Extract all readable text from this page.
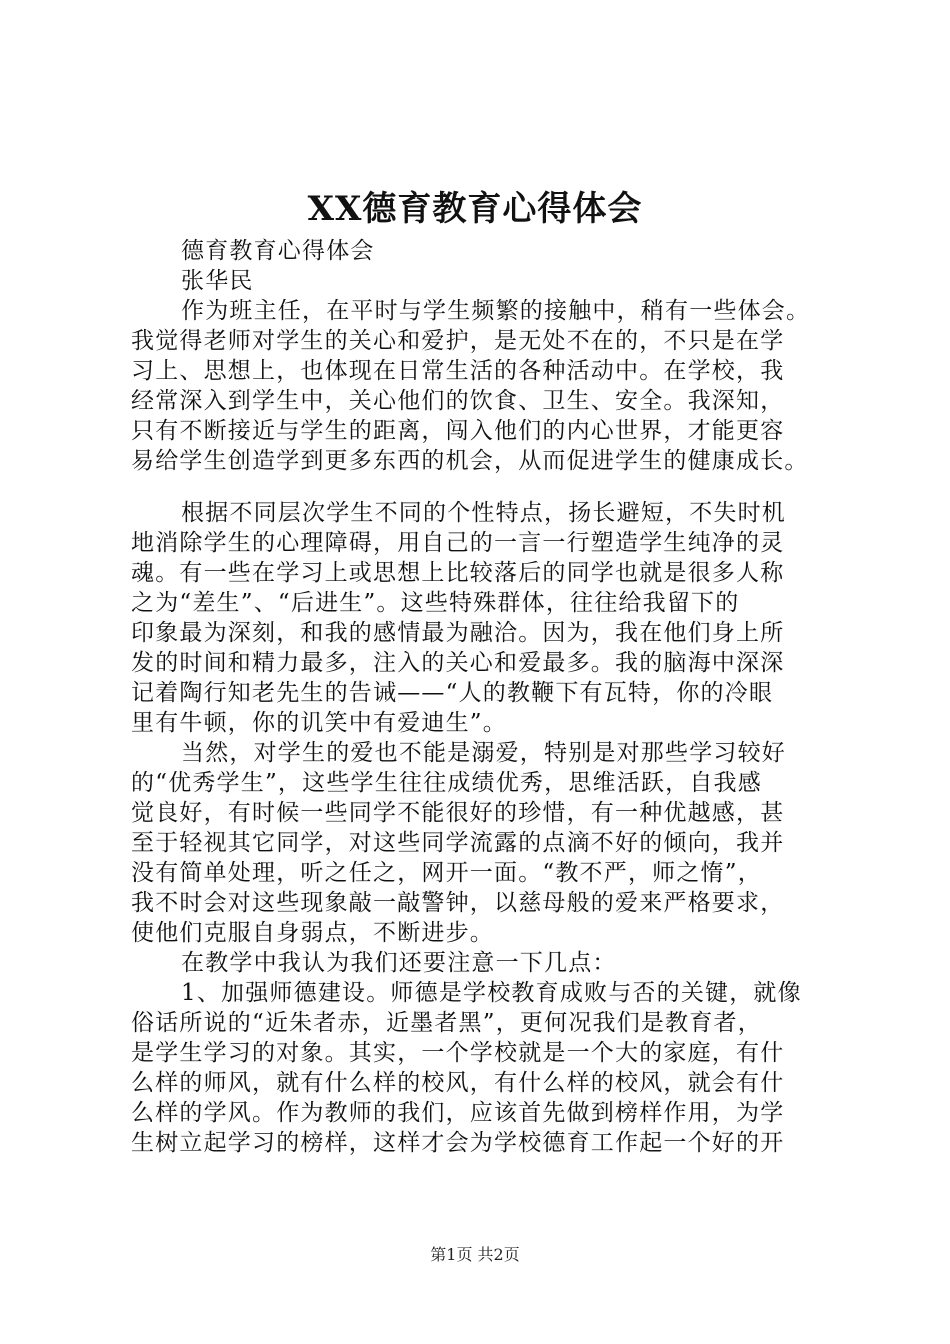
XX德育教育心得体会
德育教育心得体会
张华民
作为班主任，在平时与学生频繁的接触中，稍有一些体会。
我觉得老师对学生的关心和爱护，是无处不在的，不只是在学
习上、思想上，也体现在日常生活的各种活动中。在学校，我
经常深入到学生中，关心他们的饮食、卫生、安全。我深知，
只有不断接近与学生的距离，闯入他们的内心世界，才能更容
易给学生创造学到更多东西的机会，从而促进学生的健康成长。
根据不同层次学生不同的个性特点，扬长避短，不失时机
地消除学生的心理障碍，用自己的一言一行塑造学生纯净的灵
魂。有一些在学习上或思想上比较落后的同学也就是很多人称
之为“差生”、“后进生”。这些特殊群体，往往给我留下的
印象最为深刻，和我的感情最为融洽。因为，我在他们身上所
发的时间和精力最多，注入的关心和爱最多。我的脑海中深深
记着陶行知老先生的告诫——“人的教鞭下有瓦特，你的冷眼
里有牛顿，你的讥笑中有爱迪生”。
当然，对学生的爱也不能是溺爱，特别是对那些学习较好
的“优秀学生”，这些学生往往成绩优秀，思维活跃，自我感
觉良好，有时候一些同学不能很好的珍惜，有一种优越感，甚
至于轻视其它同学，对这些同学流露的点滴不好的倾向，我并
没有简单处理，听之任之，网开一面。“教不严，师之惰”，
我不时会对这些现象敲一敲警钟，以慈母般的爱来严格要求，
使他们克服自身弱点，不断进步。
在教学中我认为我们还要注意一下几点：
1、加强师德建设。师德是学校教育成败与否的关键，就像
俗话所说的“近朱者赤，近墨者黑”，更何况我们是教育者，
是学生学习的对象。其实，一个学校就是一个大的家庭，有什
么样的师风，就有什么样的校风，有什么样的校风，就会有什
么样的学风。作为教师的我们，应该首先做到榜样作用，为学
生树立起学习的榜样，这样才会为学校德育工作起一个好的开
第1页 共2页
